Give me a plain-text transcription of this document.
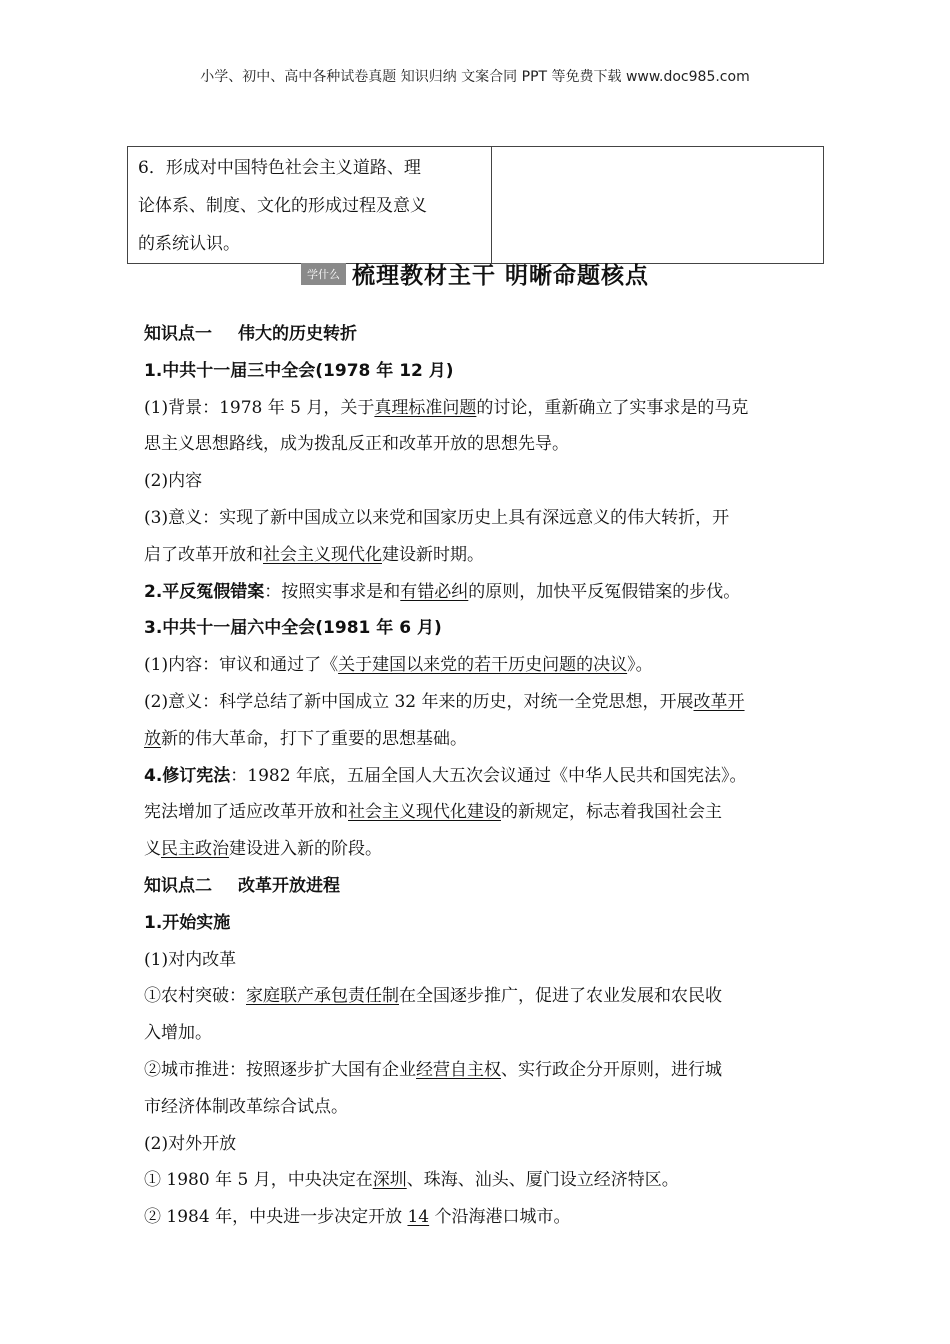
小学、初中、高中各种试卷真题 知识归纳 文案合同 PPT 等免费下载 www.doc985.com
6．形成对中国特色社会主义道路、理
论体系、制度、文化的形成过程及意义
的系统认识。

学什么 梳理教材主干 明晰命题核点
知识点一 伟大的历史转折
1.中共十一届三中全会(1978 年 12 月)
(1)背景：1978 年 5 月，关于真理标准问题的讨论，重新确立了实事求是的马克
思主义思想路线，成为拨乱反正和改革开放的思想先导。
(2)内容
(3)意义：实现了新中国成立以来党和国家历史上具有深远意义的伟大转折，开
启了改革开放和社会主义现代化建设新时期。
2.平反冤假错案：按照实事求是和有错必纠的原则，加快平反冤假错案的步伐。
3.中共十一届六中全会(1981 年 6 月)
(1)内容：审议和通过了《关于建国以来党的若干历史问题的决议》。
(2)意义：科学总结了新中国成立 32 年来的历史，对统一全党思想，开展改革开
放新的伟大革命，打下了重要的思想基础。
4.修订宪法：1982 年底，五届全国人大五次会议通过《中华人民共和国宪法》。
宪法增加了适应改革开放和社会主义现代化建设的新规定，标志着我国社会主
义民主政治建设进入新的阶段。
知识点二 改革开放进程
1.开始实施
(1)对内改革
①农村突破：家庭联产承包责任制在全国逐步推广，促进了农业发展和农民收
入增加。
②城市推进：按照逐步扩大国有企业经营自主权、实行政企分开原则，进行城
市经济体制改革综合试点。
(2)对外开放
① 1980 年 5 月，中央决定在深圳、珠海、汕头、厦门设立经济特区。
② 1984 年，中央进一步决定开放 14 个沿海港口城市。
